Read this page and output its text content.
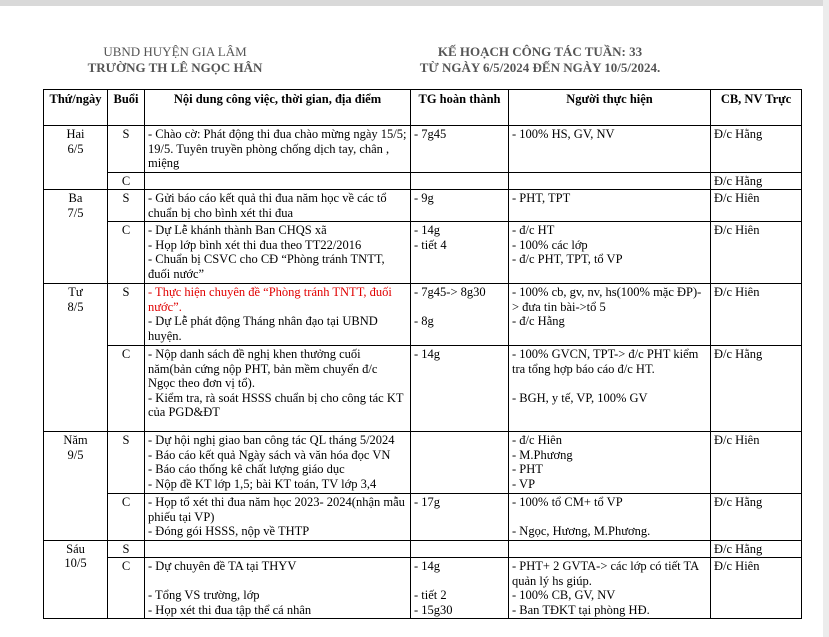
UBND HUYỆN GIA LÂM
TRƯỜNG TH LÊ NGỌC HÂN
KẾ HOẠCH CÔNG TÁC TUẦN: 33
TỪ NGÀY 6/5/2024 ĐẾN NGÀY 10/5/2024.
Thứ/ngày	Buổi	Nội dung công việc, thời gian, địa điểm	TG hoàn thành	Người thực hiện	CB, NV Trực

Hai
6/5	S	- Chào cờ: Phát động thi đua chào mừng ngày 15/5; 19/5. Tuyên truyền phòng chống dịch tay, chân , miệng	- 7g45	- 100% HS, GV, NV	Đ/c Hằng
	C				Đ/c Hằng

Ba
7/5	S	- Gửi báo cáo kết quả thi đua năm học về các tổ chuẩn bị cho bình xét thi đua	- 9g	- PHT, TPT	Đ/c Hiên
	C	- Dự Lễ khánh thành Ban CHQS xã
- Họp lớp bình xét thi đua theo TT22/2016
- Chuẩn bị CSVC cho CĐ “Phòng tránh TNTT, đuối nước”	- 14g
- tiết 4	- đ/c HT
- 100% các lớp
- đ/c PHT, TPT, tổ VP	Đ/c Hiên

Tư
8/5	S	- Thực hiện chuyên đề “Phòng tránh TNTT, đuối nước”.
- Dự Lễ phát động Tháng nhân đạo tại UBND huyện.	- 7g45-> 8g30

- 8g	- 100% cb, gv, nv, hs(100% mặc ĐP)-> đưa tin bài->tổ 5
- đ/c Hằng	Đ/c Hiên
	C	- Nộp danh sách đề nghị khen thưởng cuối năm(bản cứng nộp PHT, bản mềm chuyển đ/c Ngọc theo đơn vị tổ).
- Kiểm tra, rà soát HSSS chuẩn bị cho công tác KT của PGD&ĐT	- 14g	- 100% GVCN, TPT-> đ/c PHT kiểm tra tổng hợp báo cáo đ/c HT.

- BGH, y tế, VP, 100% GV	Đ/c Hằng

Năm
9/5	S	- Dự hội nghị giao ban công tác QL tháng 5/2024
- Báo cáo kết quả Ngày sách và văn hóa đọc VN
- Báo cáo thống kê chất lượng giáo dục
- Nộp đề KT lớp 1,5; bài KT toán, TV lớp 3,4		- đ/c Hiên
- M.Phương
- PHT
- VP	Đ/c Hiên
	C	- Họp tổ xét thi đua năm học 2023- 2024(nhận mẫu phiếu tại VP)
- Đóng gói HSSS, nộp về THTP	- 17g	- 100% tổ CM+ tổ VP

- Ngọc, Hương, M.Phương.	Đ/c Hằng

Sáu
10/5	S				Đ/c Hằng
	C	- Dự chuyên đề TA tại THYV

- Tổng VS trường, lớp
- Họp xét thi đua tập thể cá nhân	- 14g

- tiết 2
- 15g30	- PHT+ 2 GVTA-> các lớp có tiết TA quản lý hs giúp.
- 100% CB, GV, NV
- Ban TĐKT tại phòng HĐ.	Đ/c Hiên
